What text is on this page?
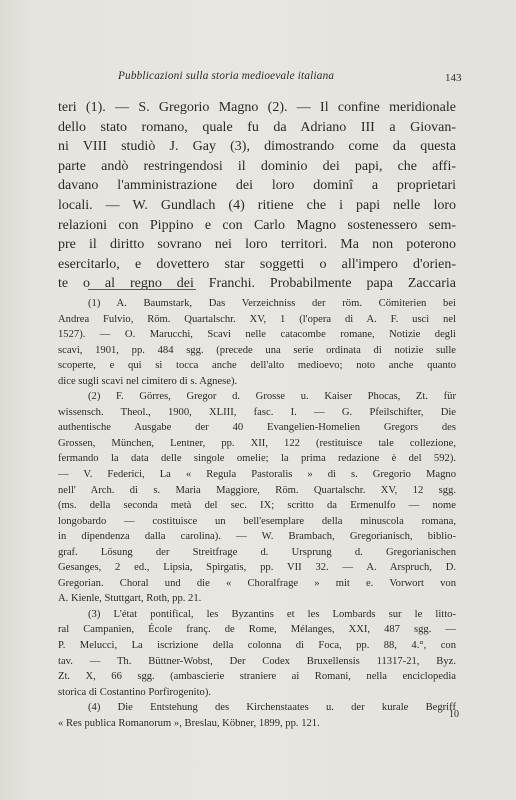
Pubblicazioni sulla storia medioevale italiana	143
teri (1). — S. Gregorio Magno (2). — Il confine meridionale
dello stato romano, quale fu da Adriano III a Giovan-
ni VIII studiò J. Gay (3), dimostrando come da questa
parte andò restringendosi il dominio dei papi, che affi-
davano l'amministrazione dei loro dominî a proprietari
locali. — W. Gundlach (4) ritiene che i papi nelle loro
relazioni con Pippino e con Carlo Magno sostenessero sem-
pre il diritto sovrano nei loro territori. Ma non poterono
esercitarlo, e dovettero star soggetti o all'impero d'orien-
te o al regno dei Franchi. Probabilmente papa Zaccaria
(1) A. Baumstark, Das Verzeichniss der röm. Cömiterien bei
Andrea Fulvio, Röm. Quartalschr. XV, 1 (l'opera di A. F. uscì nel
1527). — O. Marucchi, Scavi nelle catacombe romane, Notizie degli
scavi, 1901, pp. 484 sgg. (precede una serie ordinata di notizie sulle
scoperte, e qui si tocca anche dell'alto medioevo; noto anche quanto
dice sugli scavi nel cimitero di s. Agnese).
(2) F. Görres, Gregor d. Grosse u. Kaiser Phocas, Zt. für
wissensch. Theol., 1900, XLIII, fasc. I. — G. Pfeilschifter, Die
authentische Ausgabe der 40 Evangelien-Homelien Gregors des
Grossen, München, Lentner, pp. XII, 122 (restituisce tale collezione,
fermando la data delle singole omelie; la prima redazione è del 592).
— V. Federici, La « Regula Pastoralis » di s. Gregorio Magno
nell' Arch. di s. Maria Maggiore, Röm. Quartalschr. XV, 12 sgg.
(ms. della seconda metà del sec. IX; scritto da Ermenulfo — nome
longobardo — costituisce un bell'esemplare della minuscola romana,
in dipendenza dalla carolina). — W. Brambach, Gregorianisch, biblio-
graf. Lösung der Streitfrage d. Ursprung d. Gregorianischen
Gesanges, 2 ed., Lipsia, Spirgatis, pp. VII 32. — A. Arspruch, D.
Gregorian. Choral und die « Choralfrage » mit e. Vorwort von
A. Kienle, Stuttgart, Roth, pp. 21.
(3) L'état pontifical, les Byzantins et les Lombards sur le litto-
ral Campanien, École franç. de Rome, Mélanges, XXI, 487 sgg. —
P. Melucci, La iscrizione della colonna di Foca, pp. 88, 4.°, con
tav. — Th. Büttner-Wobst, Der Codex Bruxellensis 11317-21, Byz.
Zt. X, 66 sgg. (ambascierie straniere ai Romani, nella enciclopedia
storica di Costantino Porfirogenito).
(4) Die Entstehung des Kirchenstaates u. der kurale Begriff
« Res publica Romanorum », Breslau, Köbner, 1899, pp. 121.
10
